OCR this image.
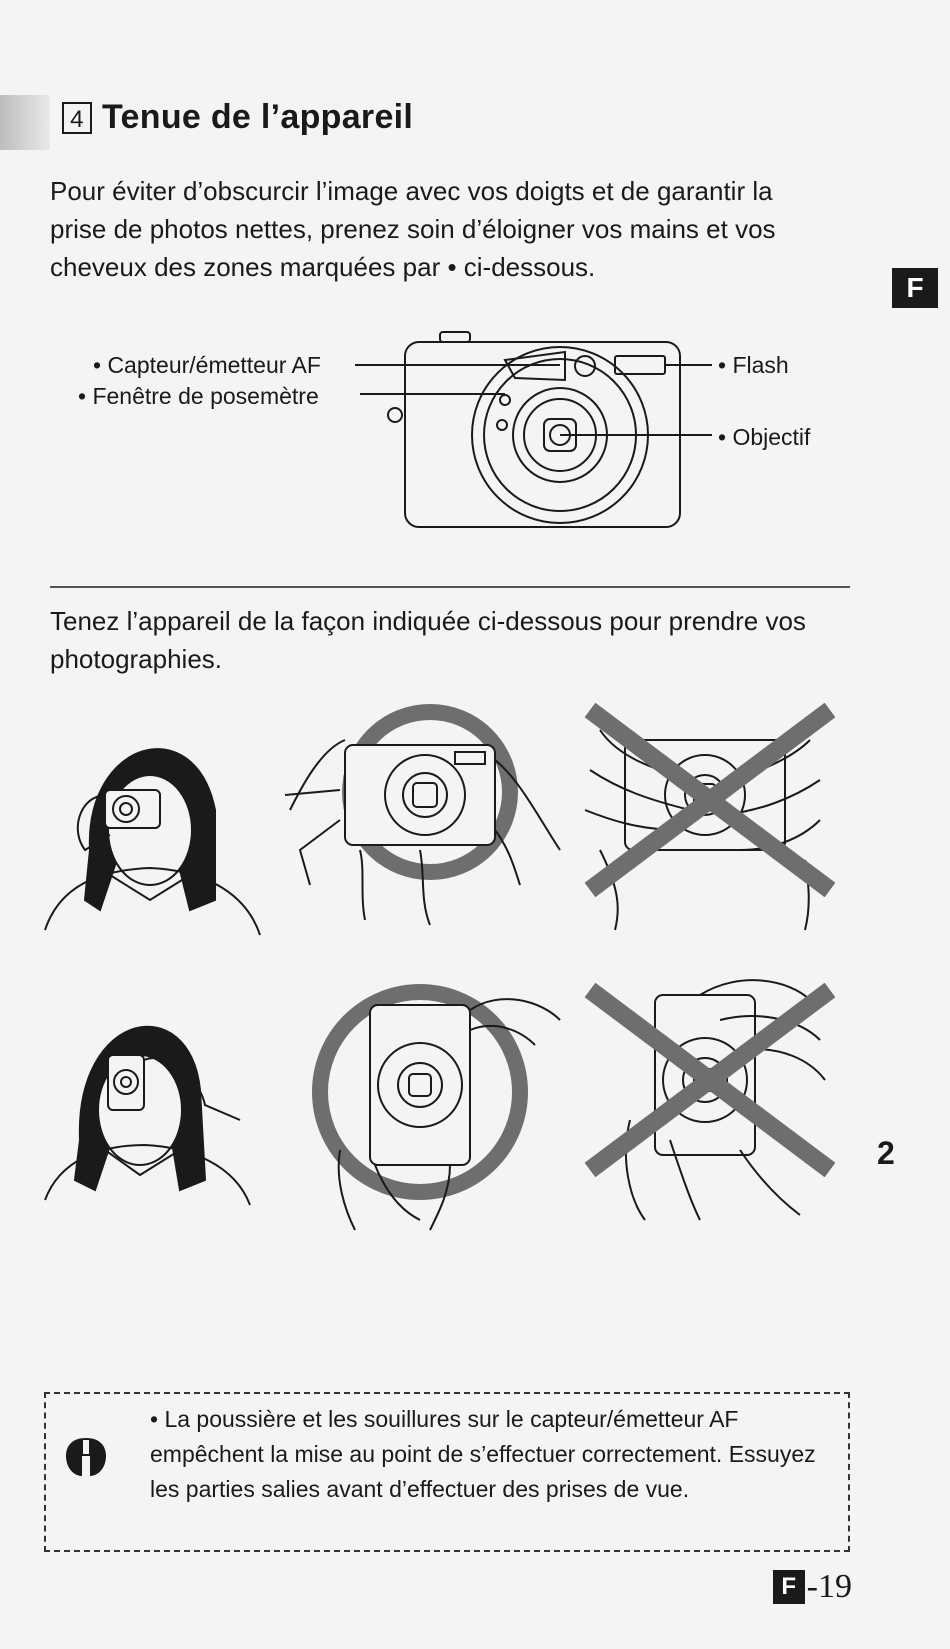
4 Tenue de l’appareil
Pour éviter d’obscurcir l’image avec vos doigts et de garantir la prise de photos nettes, prenez soin d’éloigner vos mains et vos cheveux des zones marquées par • ci-dessous.
F
• Capteur/émetteur AF
• Fenêtre de posemètre
• Flash
• Objectif
Tenez l’appareil de la façon indiquée ci-dessous pour prendre vos photographies.
2
• La poussière et les souillures sur le capteur/émetteur AF empêchent la mise au point de s’effectuer correctement. Essuyez les parties salies avant d’effectuer des prises de vue.
F -19
